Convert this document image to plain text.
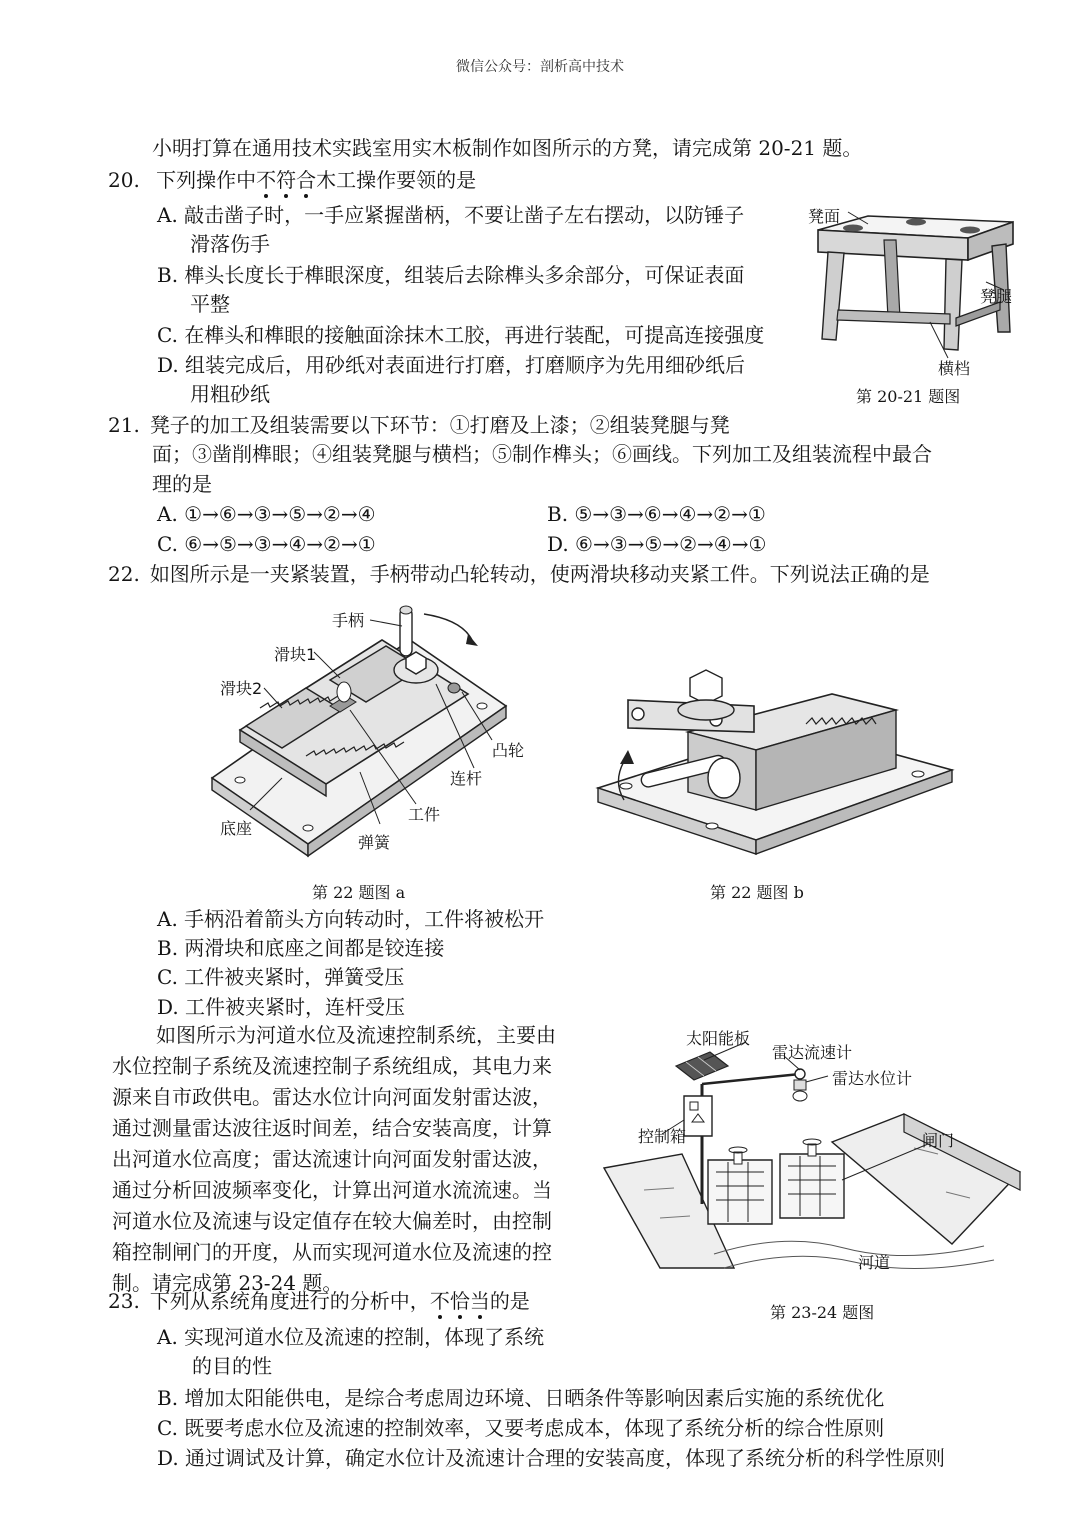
微信公众号：剖析高中技术
小明打算在通用技术实践室用实木板制作如图所示的方凳，请完成第 20-21 题。
20. 下列操作中不符合木工操作要领的是
A. 敲击凿子时，一手应紧握凿柄，不要让凿子左右摆动，以防锤子
滑落伤手
B. 榫头长度长于榫眼深度，组装后去除榫头多余部分，可保证表面
平整
C. 在榫头和榫眼的接触面涂抹木工胶，再进行装配，可提高连接强度
D. 组装完成后，用砂纸对表面进行打磨，打磨顺序为先用细砂纸后
用粗砂纸
凳面
凳腿
横档
第 20-21 题图
21. 凳子的加工及组装需要以下环节：①打磨及上漆；②组装凳腿与凳
面；③凿削榫眼；④组装凳腿与横档；⑤制作榫头；⑥画线。下列加工及组装流程中最合
理的是
A. ①→⑥→③→⑤→②→④	B. ⑤→③→⑥→④→②→①
C. ⑥→⑤→③→④→②→①	D. ⑥→③→⑤→②→④→①
22. 如图所示是一夹紧装置，手柄带动凸轮转动，使两滑块移动夹紧工件。下列说法正确的是
手柄
滑块1
滑块2
凸轮
连杆
工件
底座
弹簧
第 22 题图 a	第 22 题图 b
A. 手柄沿着箭头方向转动时，工件将被松开
B. 两滑块和底座之间都是铰连接
C. 工件被夹紧时，弹簧受压
D. 工件被夹紧时，连杆受压
如图所示为河道水位及流速控制系统，主要由
水位控制子系统及流速控制子系统组成，其电力来
源来自市政供电。雷达水位计向河面发射雷达波，
通过测量雷达波往返时间差，结合安装高度，计算
出河道水位高度；雷达流速计向河面发射雷达波，
通过分析回波频率变化，计算出河道水流流速。当
河道水位及流速与设定值存在较大偏差时，由控制
箱控制闸门的开度，从而实现河道水位及流速的控
制。请完成第 23-24 题。
太阳能板
雷达流速计
雷达水位计
控制箱	闸门
河道
第 23-24 题图
23. 下列从系统角度进行的分析中，不恰当的是
A. 实现河道水位及流速的控制，体现了系统
的目的性
B. 增加太阳能供电，是综合考虑周边环境、日晒条件等影响因素后实施的系统优化
C. 既要考虑水位及流速的控制效率，又要考虑成本，体现了系统分析的综合性原则
D. 通过调试及计算，确定水位计及流速计合理的安装高度，体现了系统分析的科学性原则
